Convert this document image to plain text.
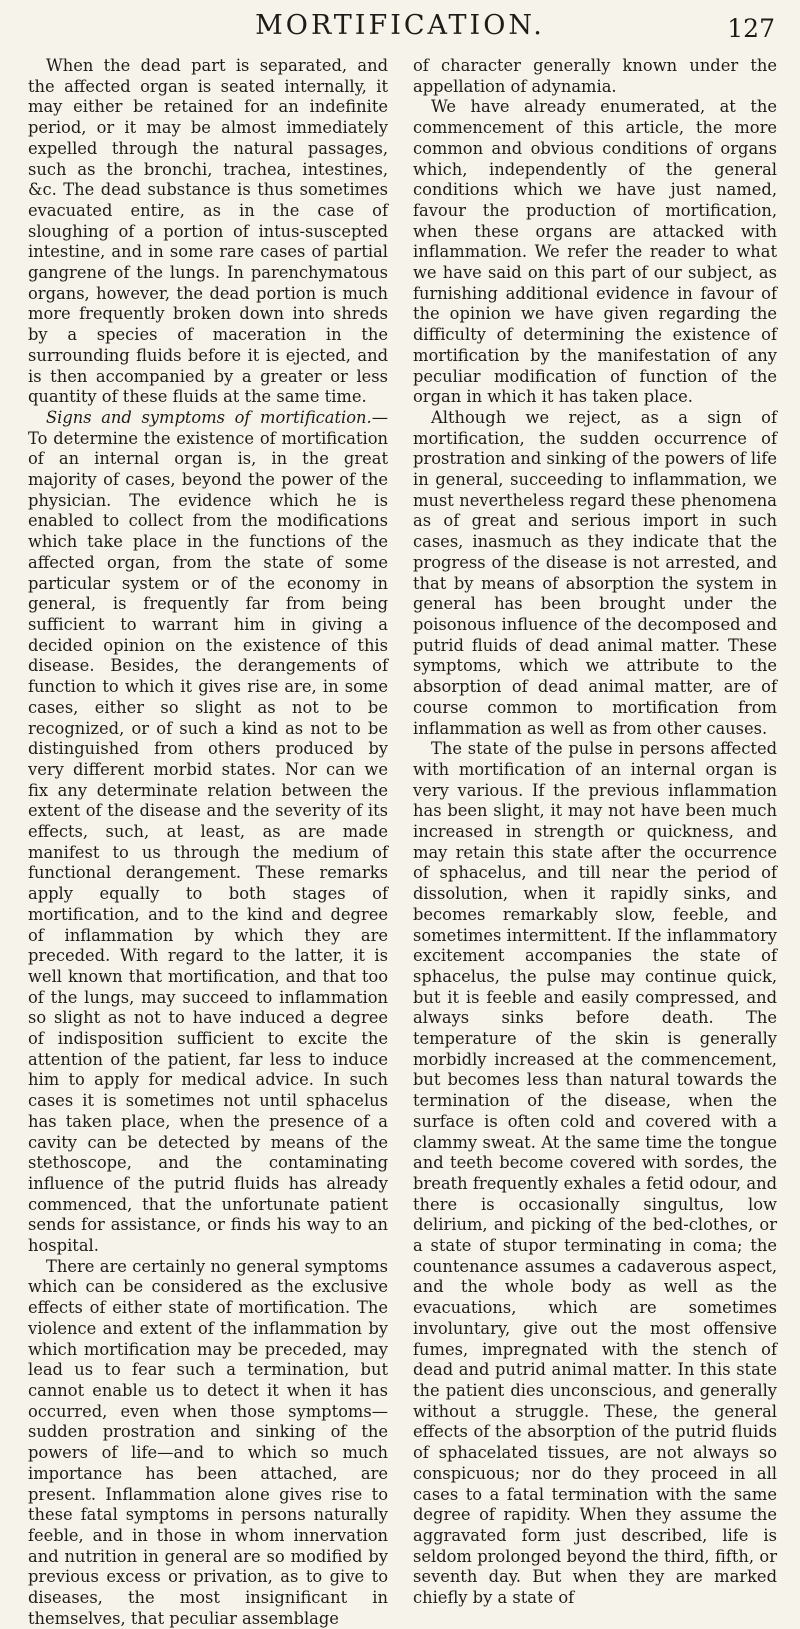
MORTIFICATION.	127

When the dead part is separated, and the affected organ is seated internally, it may either be retained for an indefinite period, or it may be almost immediately expelled through the natural passages, such as the bronchi, trachea, intestines, &c. The dead substance is thus sometimes evacuated entire, as in the case of sloughing of a portion of intus-suscepted intestine, and in some rare cases of partial gangrene of the lungs. In parenchymatous organs, however, the dead portion is much more frequently broken down into shreds by a species of maceration in the surrounding fluids before it is ejected, and is then accompanied by a greater or less quantity of these fluids at the same time.

Signs and symptoms of mortification.—To determine the existence of mortification of an internal organ is, in the great majority of cases, beyond the power of the physician. The evidence which he is enabled to collect from the modifications which take place in the functions of the affected organ, from the state of some particular system or of the economy in general, is frequently far from being sufficient to warrant him in giving a decided opinion on the existence of this disease. Besides, the derangements of function to which it gives rise are, in some cases, either so slight as not to be recognized, or of such a kind as not to be distinguished from others produced by very different morbid states. Nor can we fix any determinate relation between the extent of the disease and the severity of its effects, such, at least, as are made manifest to us through the medium of functional derangement. These remarks apply equally to both stages of mortification, and to the kind and degree of inflammation by which they are preceded. With regard to the latter, it is well known that mortification, and that too of the lungs, may succeed to inflammation so slight as not to have induced a degree of indisposition sufficient to excite the attention of the patient, far less to induce him to apply for medical advice. In such cases it is sometimes not until sphacelus has taken place, when the presence of a cavity can be detected by means of the stethoscope, and the contaminating influence of the putrid fluids has already commenced, that the unfortunate patient sends for assistance, or finds his way to an hospital.

There are certainly no general symptoms which can be considered as the exclusive effects of either state of mortification. The violence and extent of the inflammation by which mortification may be preceded, may lead us to fear such a termination, but cannot enable us to detect it when it has occurred, even when those symptoms—sudden prostration and sinking of the powers of life—and to which so much importance has been attached, are present. Inflammation alone gives rise to these fatal symptoms in persons naturally feeble, and in those in whom innervation and nutrition in general are so modified by previous excess or privation, as to give to diseases, the most insignificant in themselves, that peculiar assemblage

of character generally known under the appellation of adynamia.

We have already enumerated, at the commencement of this article, the more common and obvious conditions of organs which, independently of the general conditions which we have just named, favour the production of mortification, when these organs are attacked with inflammation. We refer the reader to what we have said on this part of our subject, as furnishing additional evidence in favour of the opinion we have given regarding the difficulty of determining the existence of mortification by the manifestation of any peculiar modification of function of the organ in which it has taken place.

Although we reject, as a sign of mortification, the sudden occurrence of prostration and sinking of the powers of life in general, succeeding to inflammation, we must nevertheless regard these phenomena as of great and serious import in such cases, inasmuch as they indicate that the progress of the disease is not arrested, and that by means of absorption the system in general has been brought under the poisonous influence of the decomposed and putrid fluids of dead animal matter. These symptoms, which we attribute to the absorption of dead animal matter, are of course common to mortification from inflammation as well as from other causes.

The state of the pulse in persons affected with mortification of an internal organ is very various. If the previous inflammation has been slight, it may not have been much increased in strength or quickness, and may retain this state after the occurrence of sphacelus, and till near the period of dissolution, when it rapidly sinks, and becomes remarkably slow, feeble, and sometimes intermittent. If the inflammatory excitement accompanies the state of sphacelus, the pulse may continue quick, but it is feeble and easily compressed, and always sinks before death. The temperature of the skin is generally morbidly increased at the commencement, but becomes less than natural towards the termination of the disease, when the surface is often cold and covered with a clammy sweat. At the same time the tongue and teeth become covered with sordes, the breath frequently exhales a fetid odour, and there is occasionally singultus, low delirium, and picking of the bed-clothes, or a state of stupor terminating in coma; the countenance assumes a cadaverous aspect, and the whole body as well as the evacuations, which are sometimes involuntary, give out the most offensive fumes, impregnated with the stench of dead and putrid animal matter. In this state the patient dies unconscious, and generally without a struggle. These, the general effects of the absorption of the putrid fluids of sphacelated tissues, are not always so conspicuous; nor do they proceed in all cases to a fatal termination with the same degree of rapidity. When they assume the aggravated form just described, life is seldom prolonged beyond the third, fifth, or seventh day. But when they are marked chiefly by a state of
